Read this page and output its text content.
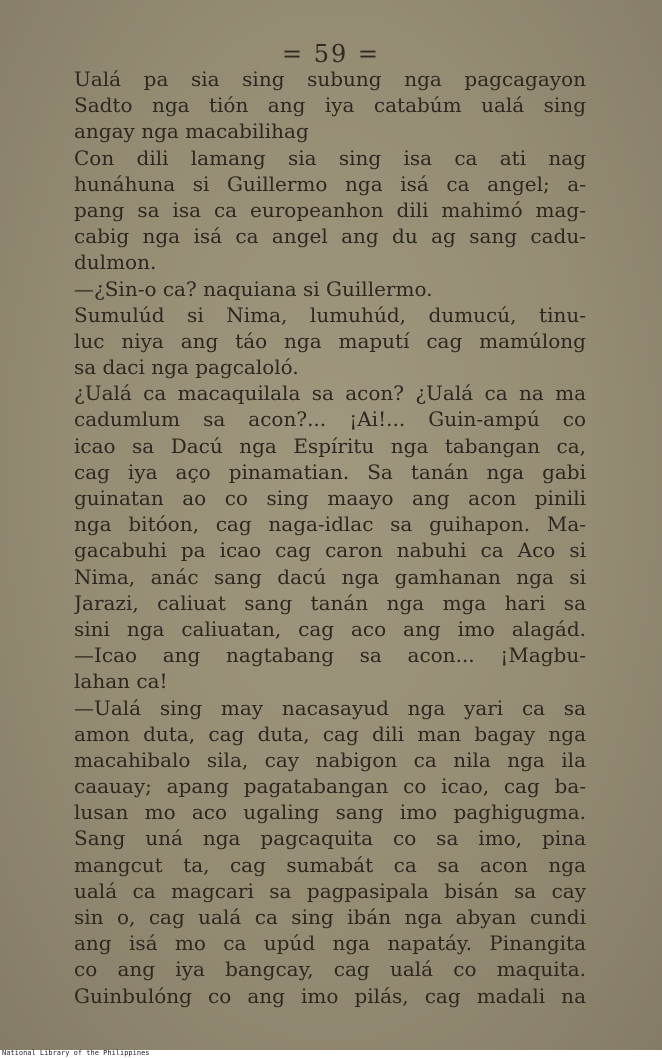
= 59 =
Ualá pa sia sing subung nga pagcagayon
Sadto nga tión ang iya catabúm ualá sing
angay nga macabilihag
Con dili lamang sia sing isa ca ati nag
hunáhuna si Guillermo nga isá ca angel; a-
pang sa isa ca europeanhon dili mahimó mag-
cabig nga isá ca angel ang du ag sang cadu-
dulmon.
—¿Sin-o ca? naquiana si Guillermo.
Sumulúd si Nima, lumuhúd, dumucú, tinu-
luc niya ang táo nga maputí cag mamúlong
sa daci nga pagcaloló.
¿Ualá ca macaquilala sa acon? ¿Ualá ca na ma
cadumlum sa acon?... ¡Ai!... Guin-ampú co
icao sa Dacú nga Espíritu nga tabangan ca,
cag iya aço pinamatian. Sa tanán nga gabi
guinatan ao co sing maayo ang acon pinili
nga bitóon, cag naga-idlac sa guihapon. Ma-
gacabuhi pa icao cag caron nabuhi ca Aco si
Nima, anác sang dacú nga gamhanan nga si
Jarazi, caliuat sang tanán nga mga hari sa
sini nga caliuatan, cag aco ang imo alagád.
—Icao ang nagtabang sa acon... ¡Magbu-
lahan ca!
—Ualá sing may nacasayud nga yari ca sa
amon duta, cag duta, cag dili man bagay nga
macahibalo sila, cay nabigon ca nila nga ila
caauay; apang pagatabangan co icao, cag ba-
lusan mo aco ugaling sang imo paghigugma.
Sang uná nga pagcaquita co sa imo, pina
mangcut ta, cag sumabát ca sa acon nga
ualá ca magcari sa pagpasipala bisán sa cay
sin o, cag ualá ca sing ibán nga abyan cundi
ang isá mo ca upúd nga napatáy. Pinangita
co ang iya bangcay, cag ualá co maquita.
Guinbulóng co ang imo pilás, cag madali na
National Library of the Philippines
